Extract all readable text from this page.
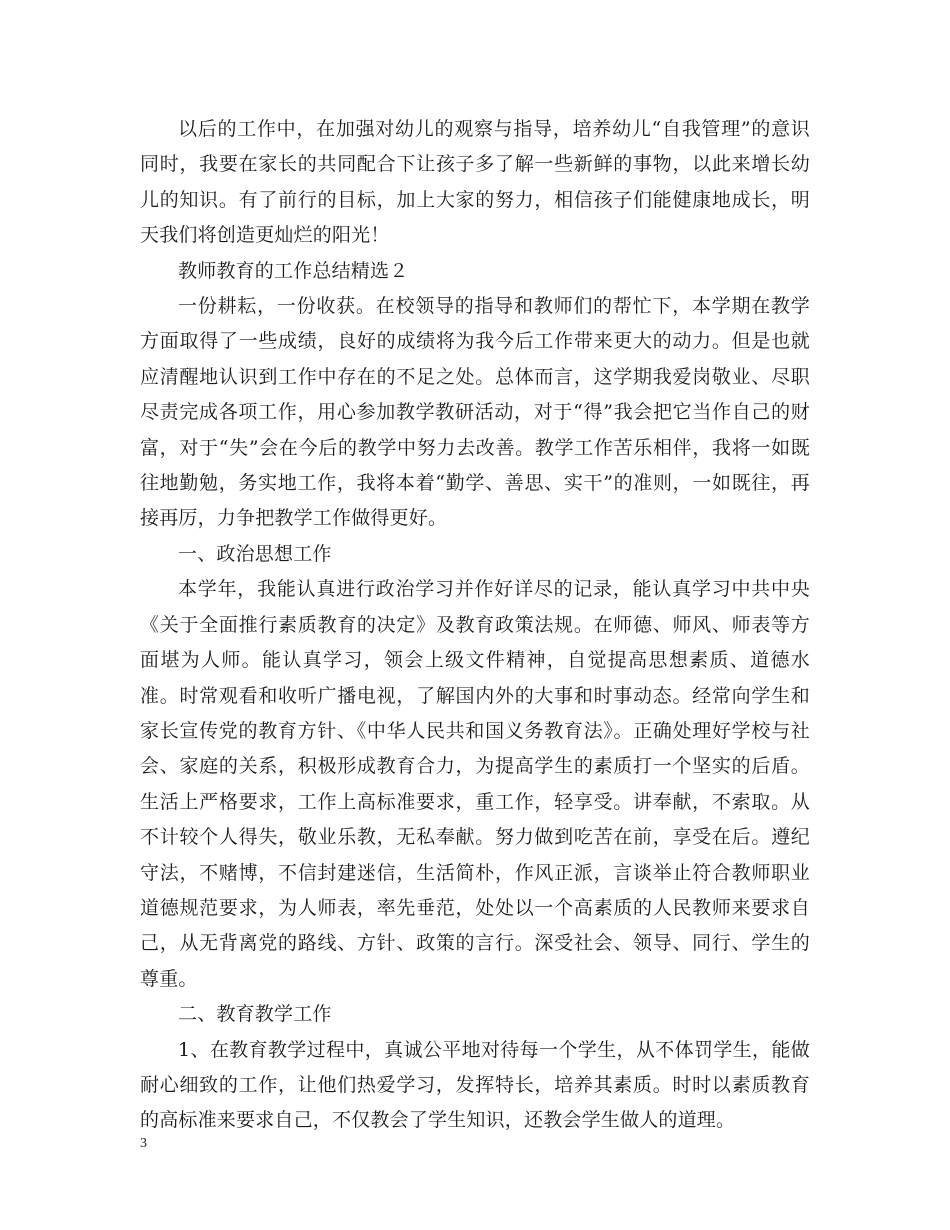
以后的工作中，在加强对幼儿的观察与指导，培养幼儿“自我管理”的意识同时，我要在家长的共同配合下让孩子多了解一些新鲜的事物，以此来增长幼儿的知识。有了前行的目标，加上大家的努力，相信孩子们能健康地成长，明天我们将创造更灿烂的阳光！

教师教育的工作总结精选２

一份耕耘，一份收获。在校领导的指导和教师们的帮忙下，本学期在教学方面取得了一些成绩，良好的成绩将为我今后工作带来更大的动力。但是也就应清醒地认识到工作中存在的不足之处。总体而言，这学期我爱岗敬业、尽职尽责完成各项工作，用心参加教学教研活动，对于“得”我会把它当作自己的财富，对于“失”会在今后的教学中努力去改善。教学工作苦乐相伴，我将一如既往地勤勉，务实地工作，我将本着“勤学、善思、实干”的准则，一如既往，再接再厉，力争把教学工作做得更好。

一、政治思想工作

本学年，我能认真进行政治学习并作好详尽的记录，能认真学习中共中央《关于全面推行素质教育的决定》及教育政策法规。在师德、师风、师表等方面堪为人师。能认真学习，领会上级文件精神，自觉提高思想素质、道德水准。时常观看和收听广播电视，了解国内外的大事和时事动态。经常向学生和家长宣传党的教育方针、《中华人民共和国义务教育法》。正确处理好学校与社会、家庭的关系，积极形成教育合力，为提高学生的素质打一个坚实的后盾。生活上严格要求，工作上高标准要求，重工作，轻享受。讲奉献，不索取。从不计较个人得失，敬业乐教，无私奉献。努力做到吃苦在前，享受在后。遵纪守法，不赌博，不信封建迷信，生活简朴，作风正派，言谈举止符合教师职业道德规范要求，为人师表，率先垂范，处处以一个高素质的人民教师来要求自己，从无背离党的路线、方针、政策的言行。深受社会、领导、同行、学生的尊重。

二、教育教学工作

1、在教育教学过程中，真诚公平地对待每一个学生，从不体罚学生，能做耐心细致的工作，让他们热爱学习，发挥特长，培养其素质。时时以素质教育的高标准来要求自己，不仅教会了学生知识，还教会学生做人的道理。

3
